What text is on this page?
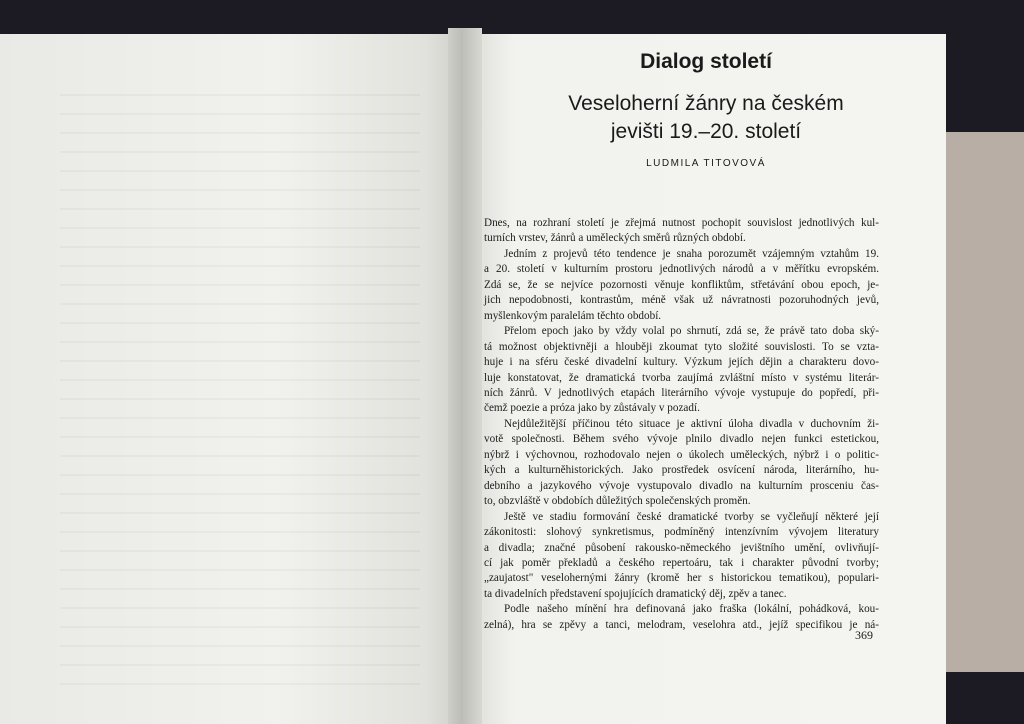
Dialog století
Veseloherní žánry na českém
jevišti 19.–20. století
LUDMILA TITOVOVÁ

Dnes, na rozhraní století je zřejmá nutnost pochopit souvislost jednotlivých kul-

turních vrstev, žánrů a uměleckých směrů různých období.

Jedním z projevů této tendence je snaha porozumět vzájemným vztahům 19.

a 20. století v kulturním prostoru jednotlivých národů a v měřítku evropském.

Zdá se, že se nejvíce pozornosti věnuje konfliktům, střetávání obou epoch, je-

jich nepodobnosti, kontrastům, méně však už návratnosti pozoruhodných jevů,

myšlenkovým paralelám těchto období.

Přelom epoch jako by vždy volal po shrnutí, zdá se, že právě tato doba ský-

tá možnost objektivněji a hlouběji zkoumat tyto složité souvislosti. To se vzta-

huje i na sféru české divadelní kultury. Výzkum jejích dějin a charakteru dovo-

luje konstatovat, že dramatická tvorba zaujímá zvláštní místo v systému literár-

ních žánrů. V jednotlivých etapách literárního vývoje vystupuje do popředí, při-

čemž poezie a próza jako by zůstávaly v pozadí.

Nejdůležitější příčinou této situace je aktivní úloha divadla v duchovním ži-

votě společnosti. Během svého vývoje plnilo divadlo nejen funkci estetickou,

nýbrž i výchovnou, rozhodovalo nejen o úkolech uměleckých, nýbrž i o politic-

kých a kulturněhistorických. Jako prostředek osvícení národa, literárního, hu-

debního a jazykového vývoje vystupovalo divadlo na kulturním prosceniu čas-

to, obzvláště v obdobích důležitých společenských proměn.

Ještě ve stadiu formování české dramatické tvorby se vyčleňují některé její

zákonitosti: slohový synkretismus, podmíněný intenzívním vývojem literatury

a divadla; značné působení rakousko-německého jevištního umění, ovlivňují-

cí jak poměr překladů a českého repertoáru, tak i charakter původní tvorby;

„zaujatost" veselohernými žánry (kromě her s historickou tematikou), populari-

ta divadelních představení spojujících dramatický děj, zpěv a tanec.

Podle našeho mínění hra definovaná jako fraška (lokální, pohádková, kou-

zelná), hra se zpěvy a tanci, melodram, veselohra atd., jejíž specifikou je ná-

369
